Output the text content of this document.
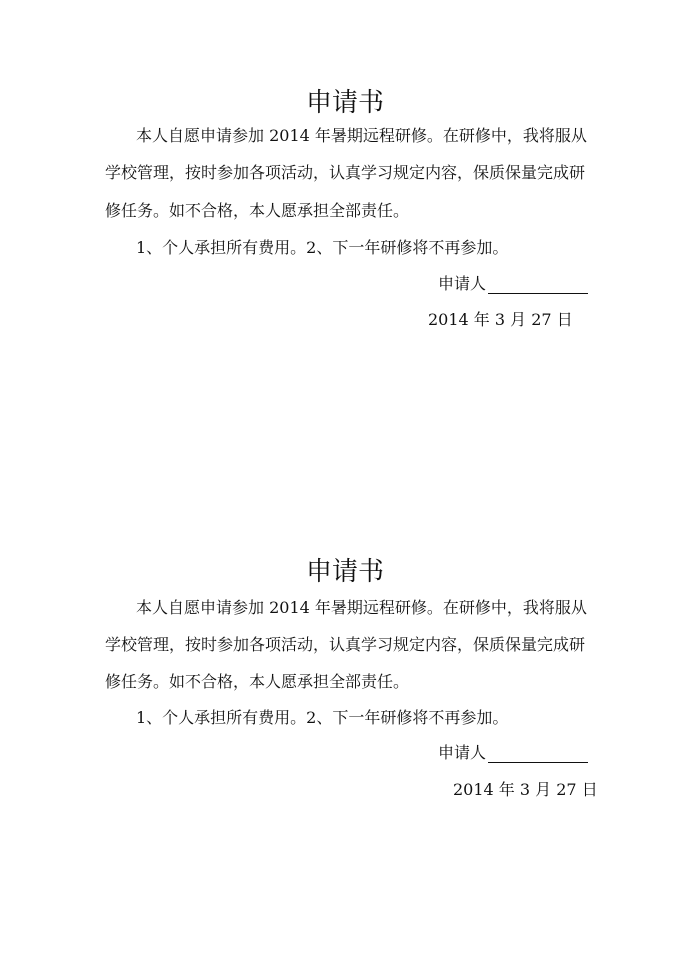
申请书
本人自愿申请参加 2014 年暑期远程研修。在研修中，我将服从
学校管理，按时参加各项活动，认真学习规定内容，保质保量完成研
修任务。如不合格，本人愿承担全部责任。
1、个人承担所有费用。2、下一年研修将不再参加。
申请人
2014 年 3 月 27 日
申请书
本人自愿申请参加 2014 年暑期远程研修。在研修中，我将服从
学校管理，按时参加各项活动，认真学习规定内容，保质保量完成研
修任务。如不合格，本人愿承担全部责任。
1、个人承担所有费用。2、下一年研修将不再参加。
申请人
2014 年 3 月 27 日
